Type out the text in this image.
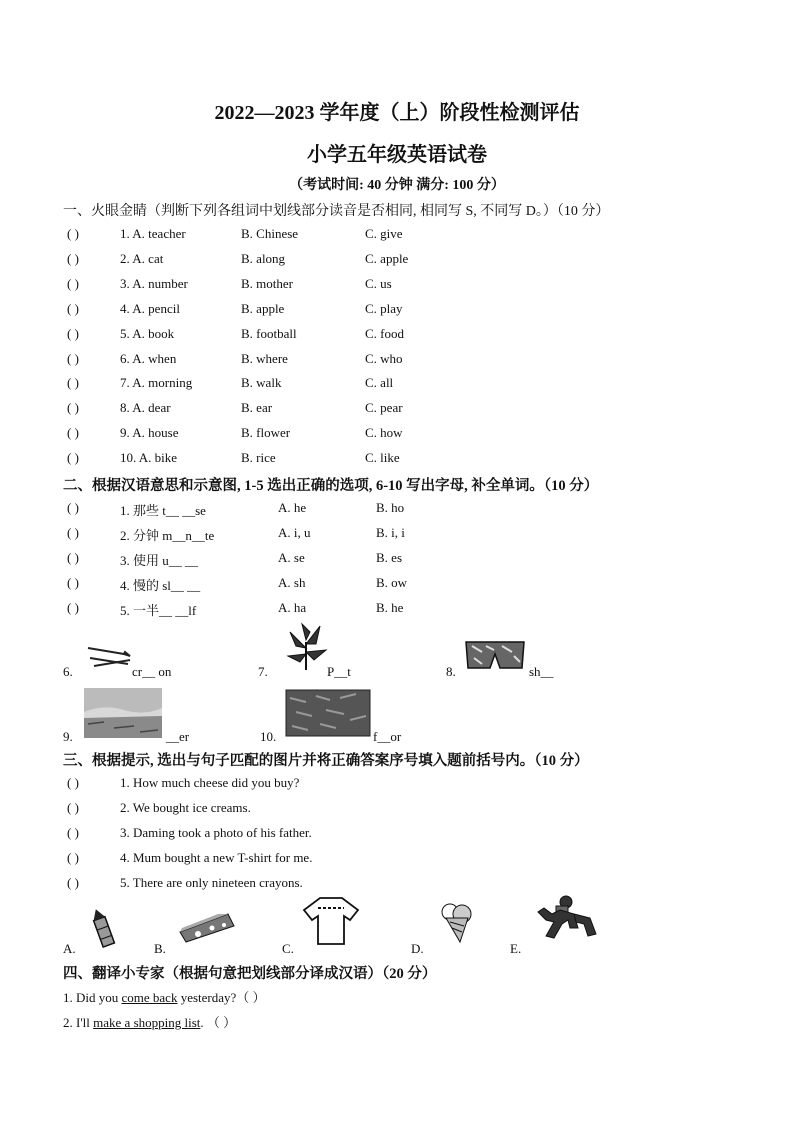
2022—2023 学年度（上）阶段性检测评估
小学五年级英语试卷
（考试时间: 40 分钟 满分: 100 分）
一、火眼金睛（判断下列各组词中划线部分读音是否相同, 相同写 S, 不同写 D。）（10 分）
( )	1. A. teacher	B. Chinese	C. give
( )	2. A. cat	B. along	C. apple
( )	3. A. number	B. mother	C. us
( )	4. A. pencil	B. apple	C. play
( )	5. A. book	B. football	C. food
( )	6. A. when	B. where	C. who
( )	7. A. morning	B. walk	C. all
( )	8. A. dear	B. ear	C. pear
( )	9. A. house	B. flower	C. how
( )	10. A. bike	B. rice	C. like
二、根据汉语意思和示意图, 1-5 选出正确的选项, 6-10 写出字母, 补全单词。（10 分）
( )	1. 那些 t__ __se	A. he	B. ho
( )	2. 分钟 m__n__te	A. i, u	B. i, i
( )	3. 使用 u__ __	A. se	B. es
( )	4. 慢的 sl__ __	A. sh	B. ow
( )	5. 一半__ __lf	A. ha	B. he
6.	cr__ on	7.	P__t	8.	sh__
9.	__er	10.	f__or
三、根据提示, 选出与句子匹配的图片并将正确答案序号填入题前括号内。（10 分）
( )	1. How much cheese did you buy?
( )	2. We bought ice creams.
( )	3. Daming took a photo of his father.
( )	4. Mum bought a new T-shirt for me.
( )	5. There are only nineteen crayons.
A.	B.	C.	D.	E.
四、翻译小专家（根据句意把划线部分译成汉语）（20 分）
1. Did you come back yesterday?（ ）
2. I'll make a shopping list. （ ）
